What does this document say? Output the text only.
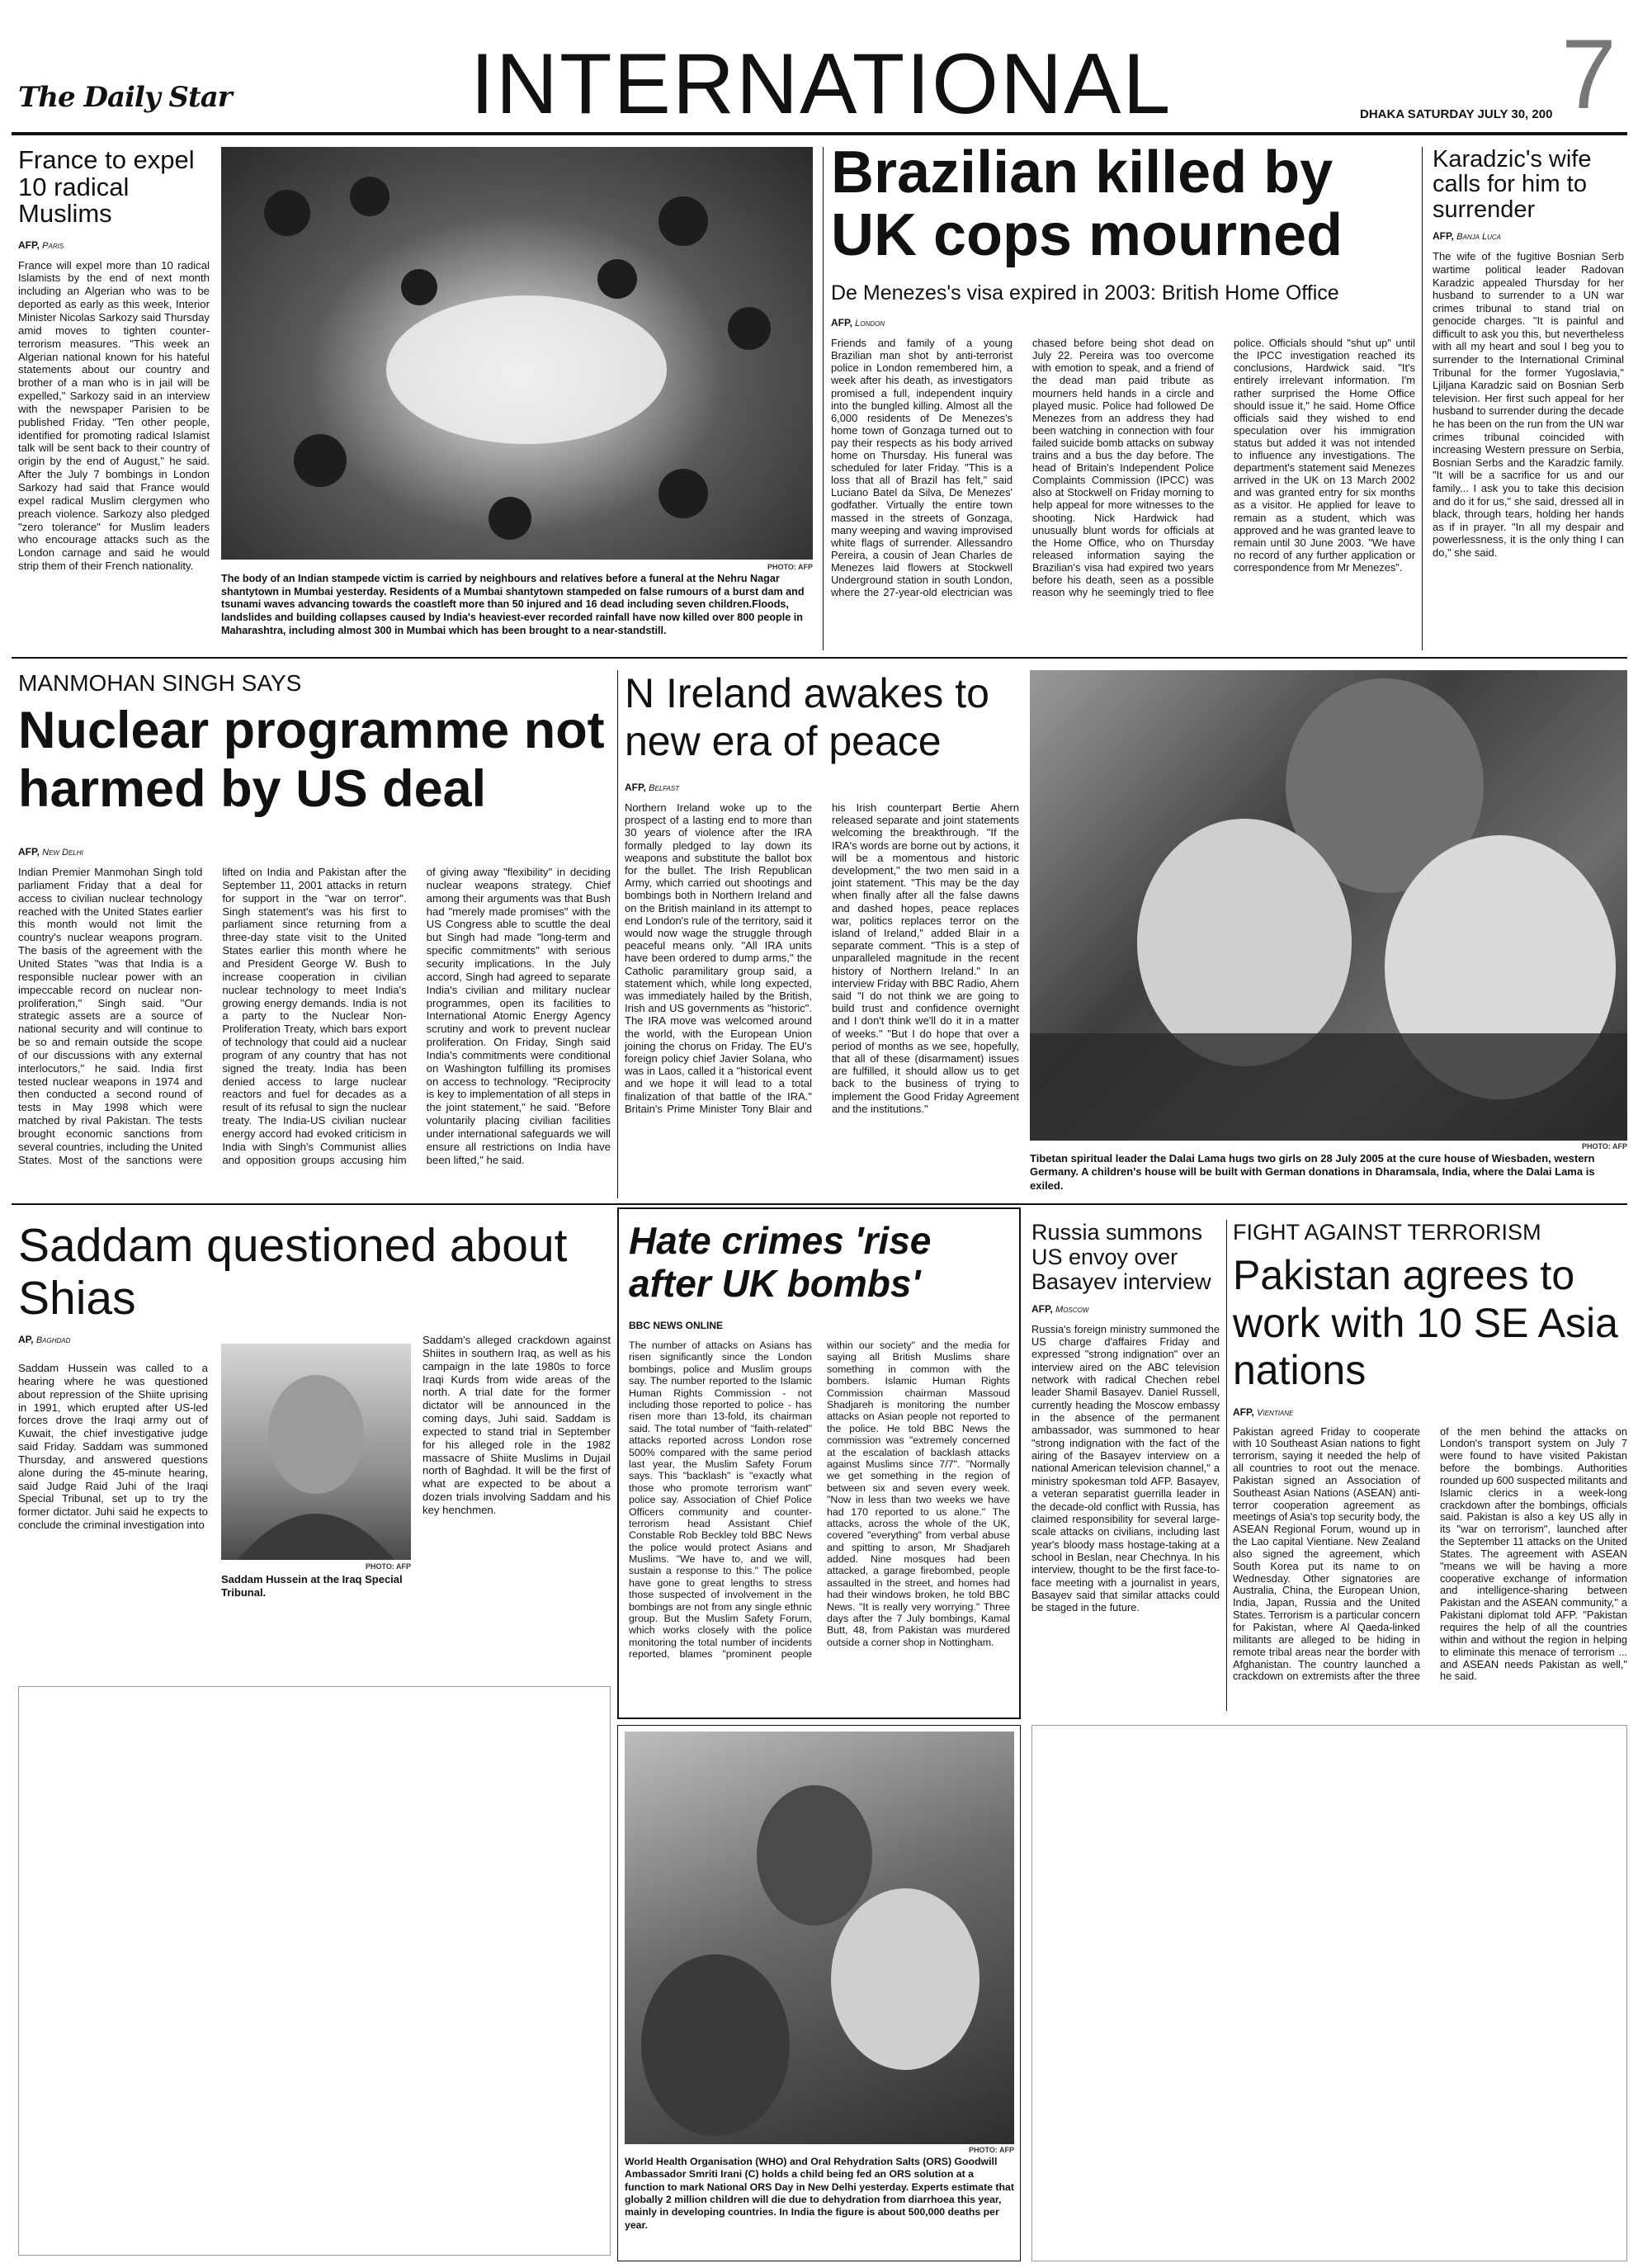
The Daily Star	INTERNATIONAL	DHAKA SATURDAY JULY 30, 200 7
France to expel 10 radical Muslims
AFP, Paris
France will expel more than 10 radical Islamists by the end of next month including an Algerian who was to be deported as early as this week, Interior Minister Nicolas Sarkozy said Thursday amid moves to tighten counter-terrorism measures. "This week an Algerian national known for his hateful statements about our country and brother of a man who is in jail will be expelled," Sarkozy said in an interview with the newspaper Parisien to be published Friday. "Ten other people, identified for promoting radical Islamist talk will be sent back to their country of origin by the end of August," he said. After the July 7 bombings in London Sarkozy had said that France would expel radical Muslim clergymen who preach violence. Sarkozy also pledged "zero tolerance" for Muslim leaders who encourage attacks such as the London carnage and said he would strip them of their French nationality.	PHOTO: AFP
The body of an Indian stampede victim is carried by neighbours and relatives before a funeral at the Nehru Nagar shantytown in Mumbai yesterday. Residents of a Mumbai shantytown stampeded on false rumours of a burst dam and tsunami waves advancing towards the coastleft more than 50 injured and 16 dead including seven children.Floods, landslides and building collapses caused by India's heaviest-ever recorded rainfall have now killed over 800 people in Maharashtra, including almost 300 in Mumbai which has been brought to a near-standstill.
Brazilian killed by UK cops mourned
De Menezes's visa expired in 2003: British Home Office
AFP, London
Friends and family of a young Brazilian man shot by anti-terrorist police in London remembered him, a week after his death, as investigators promised a full, independent inquiry into the bungled killing. Almost all the 6,000 residents of De Menezes's home town of Gonzaga turned out to pay their respects as his body arrived home on Thursday. His funeral was scheduled for later Friday. "This is a loss that all of Brazil has felt," said Luciano Batel da Silva, De Menezes' godfather. Virtually the entire town massed in the streets of Gonzaga, many weeping and waving improvised white flags of surrender. Allessandro Pereira, a cousin of Jean Charles de Menezes laid flowers at Stockwell Underground station in south London, where the 27-year-old electrician was chased before being shot dead on July 22. Pereira was too overcome with emotion to speak, and a friend of the dead man paid tribute as mourners held hands in a circle and played music. Police had followed De Menezes from an address they had been watching in connection with four failed suicide bomb attacks on subway trains and a bus the day before. The head of Britain's Independent Police Complaints Commission (IPCC) was also at Stockwell on Friday morning to help appeal for more witnesses to the shooting. Nick Hardwick had unusually blunt words for officials at the Home Office, who on Thursday released information saying the Brazilian's visa had expired two years before his death, seen as a possible reason why he seemingly tried to flee police. Officials should "shut up" until the IPCC investigation reached its conclusions, Hardwick said. "It's entirely irrelevant information. I'm rather surprised the Home Office should issue it," he said. Home Office officials said they wished to end speculation over his immigration status but added it was not intended to influence any investigations. The department's statement said Menezes arrived in the UK on 13 March 2002 and was granted entry for six months as a visitor. He applied for leave to remain as a student, which was approved and he was granted leave to remain until 30 June 2003. "We have no record of any further application or correspondence from Mr Menezes".
Karadzic's wife calls for him to surrender
AFP, Banja Luca
The wife of the fugitive Bosnian Serb wartime political leader Radovan Karadzic appealed Thursday for her husband to surrender to a UN war crimes tribunal to stand trial on genocide charges. "It is painful and difficult to ask you this, but nevertheless with all my heart and soul I beg you to surrender to the International Criminal Tribunal for the former Yugoslavia," Ljiljana Karadzic said on Bosnian Serb television. Her first such appeal for her husband to surrender during the decade he has been on the run from the UN war crimes tribunal coincided with increasing Western pressure on Serbia, Bosnian Serbs and the Karadzic family. "It will be a sacrifice for us and our family... I ask you to take this decision and do it for us," she said, dressed all in black, through tears, holding her hands as if in prayer. "In all my despair and powerlessness, it is the only thing I can do," she said.
MANMOHAN SINGH SAYS
Nuclear programme not harmed by US deal
AFP, New Delhi
Indian Premier Manmohan Singh told parliament Friday that a deal for access to civilian nuclear technology reached with the United States earlier this month would not limit the country's nuclear weapons program. The basis of the agreement with the United States "was that India is a responsible nuclear power with an impeccable record on nuclear non-proliferation," Singh said. "Our strategic assets are a source of national security and will continue to be so and remain outside the scope of our discussions with any external interlocutors," he said. India first tested nuclear weapons in 1974 and then conducted a second round of tests in May 1998 which were matched by rival Pakistan. The tests brought economic sanctions from several countries, including the United States. Most of the sanctions were lifted on India and Pakistan after the September 11, 2001 attacks in return for support in the "war on terror". Singh statement's was his first to parliament since returning from a three-day state visit to the United States earlier this month where he and President George W. Bush to increase cooperation in civilian nuclear technology to meet India's growing energy demands. India is not a party to the Nuclear Non-Proliferation Treaty, which bars export of technology that could aid a nuclear program of any country that has not signed the treaty. India has been denied access to large nuclear reactors and fuel for decades as a result of its refusal to sign the nuclear treaty. The India-US civilian nuclear energy accord had evoked criticism in India with Singh's Communist allies and opposition groups accusing him of giving away "flexibility" in deciding nuclear weapons strategy. Chief among their arguments was that Bush had "merely made promises" with the US Congress able to scuttle the deal but Singh had made "long-term and specific commitments" with serious security implications. In the July accord, Singh had agreed to separate India's civilian and military nuclear programmes, open its facilities to International Atomic Energy Agency scrutiny and work to prevent nuclear proliferation. On Friday, Singh said India's commitments were conditional on Washington fulfilling its promises on access to technology. "Reciprocity is key to implementation of all steps in the joint statement," he said. "Before voluntarily placing civilian facilities under international safeguards we will ensure all restrictions on India have been lifted," he said.
N Ireland awakes to new era of peace
AFP, Belfast
Northern Ireland woke up to the prospect of a lasting end to more than 30 years of violence after the IRA formally pledged to lay down its weapons and substitute the ballot box for the bullet. The Irish Republican Army, which carried out shootings and bombings both in Northern Ireland and on the British mainland in its attempt to end London's rule of the territory, said it would now wage the struggle through peaceful means only. "All IRA units have been ordered to dump arms," the Catholic paramilitary group said, a statement which, while long expected, was immediately hailed by the British, Irish and US governments as "historic". The IRA move was welcomed around the world, with the European Union joining the chorus on Friday. The EU's foreign policy chief Javier Solana, who was in Laos, called it a "historical event and we hope it will lead to a total finalization of that battle of the IRA." Britain's Prime Minister Tony Blair and his Irish counterpart Bertie Ahern released separate and joint statements welcoming the breakthrough. "If the IRA's words are borne out by actions, it will be a momentous and historic development," the two men said in a joint statement. "This may be the day when finally after all the false dawns and dashed hopes, peace replaces war, politics replaces terror on the island of Ireland," added Blair in a separate comment. "This is a step of unparalleled magnitude in the recent history of Northern Ireland." In an interview Friday with BBC Radio, Ahern said "I do not think we are going to build trust and confidence overnight and I don't think we'll do it in a matter of weeks." "But I do hope that over a period of months as we see, hopefully, that all of these (disarmament) issues are fulfilled, it should allow us to get back to the business of trying to implement the Good Friday Agreement and the institutions."
PHOTO: AFP
Tibetan spiritual leader the Dalai Lama hugs two girls on 28 July 2005 at the cure house of Wiesbaden, western Germany. A children's house will be built with German donations in Dharamsala, India, where the Dalai Lama is exiled.
Saddam questioned about Shias
AP, Baghdad
Saddam Hussein was called to a hearing where he was questioned about repression of the Shiite uprising in 1991, which erupted after US-led forces drove the Iraqi army out of Kuwait, the chief investigative judge said Friday. Saddam was summoned Thursday, and answered questions alone during the 45-minute hearing, said Judge Raid Juhi of the Iraqi Special Tribunal, set up to try the former dictator. Juhi said he expects to conclude the criminal investigation into
PHOTO: AFP
Saddam Hussein at the Iraq Special Tribunal.
Saddam's alleged crackdown against Shiites in southern Iraq, as well as his campaign in the late 1980s to force Iraqi Kurds from wide areas of the north. A trial date for the former dictator will be announced in the coming days, Juhi said. Saddam is expected to stand trial in September for his alleged role in the 1982 massacre of Shiite Muslims in Dujail north of Baghdad. It will be the first of what are expected to be about a dozen trials involving Saddam and his key henchmen.
Hate crimes 'rise after UK bombs'
BBC NEWS ONLINE
The number of attacks on Asians has risen significantly since the London bombings, police and Muslim groups say. The number reported to the Islamic Human Rights Commission - not including those reported to police - has risen more than 13-fold, its chairman said. The total number of "faith-related" attacks reported across London rose 500% compared with the same period last year, the Muslim Safety Forum says. This "backlash" is "exactly what those who promote terrorism want" police say. Association of Chief Police Officers community and counter-terrorism head Assistant Chief Constable Rob Beckley told BBC News the police would protect Asians and Muslims. "We have to, and we will, sustain a response to this." The police have gone to great lengths to stress those suspected of involvement in the bombings are not from any single ethnic group. But the Muslim Safety Forum, which works closely with the police monitoring the total number of incidents reported, blames "prominent people within our society" and the media for saying all British Muslims share something in common with the bombers. Islamic Human Rights Commission chairman Massoud Shadjareh is monitoring the number attacks on Asian people not reported to the police. He told BBC News the commission was "extremely concerned at the escalation of backlash attacks against Muslims since 7/7". "Normally we get something in the region of between six and seven every week. "Now in less than two weeks we have had 170 reported to us alone." The attacks, across the whole of the UK, covered "everything" from verbal abuse and spitting to arson, Mr Shadjareh added. Nine mosques had been attacked, a garage firebombed, people assaulted in the street, and homes had had their windows broken, he told BBC News. "It is really very worrying." Three days after the 7 July bombings, Kamal Butt, 48, from Pakistan was murdered outside a corner shop in Nottingham.
Russia summons US envoy over Basayev interview
AFP, Moscow
Russia's foreign ministry summoned the US charge d'affaires Friday and expressed "strong indignation" over an interview aired on the ABC television network with radical Chechen rebel leader Shamil Basayev. Daniel Russell, currently heading the Moscow embassy in the absence of the permanent ambassador, was summoned to hear "strong indignation with the fact of the airing of the Basayev interview on a national American television channel," a ministry spokesman told AFP. Basayev, a veteran separatist guerrilla leader in the decade-old conflict with Russia, has claimed responsibility for several large-scale attacks on civilians, including last year's bloody mass hostage-taking at a school in Beslan, near Chechnya. In his interview, thought to be the first face-to-face meeting with a journalist in years, Basayev said that similar attacks could be staged in the future.
FIGHT AGAINST TERRORISM
Pakistan agrees to work with 10 SE Asia nations
AFP, Vientiane
Pakistan agreed Friday to cooperate with 10 Southeast Asian nations to fight terrorism, saying it needed the help of all countries to root out the menace. Pakistan signed an Association of Southeast Asian Nations (ASEAN) anti-terror cooperation agreement as meetings of Asia's top security body, the ASEAN Regional Forum, wound up in the Lao capital Vientiane. New Zealand also signed the agreement, which South Korea put its name to on Wednesday. Other signatories are Australia, China, the European Union, India, Japan, Russia and the United States. Terrorism is a particular concern for Pakistan, where Al Qaeda-linked militants are alleged to be hiding in remote tribal areas near the border with Afghanistan. The country launched a crackdown on extremists after the three of the men behind the attacks on London's transport system on July 7 were found to have visited Pakistan before the bombings. Authorities rounded up 600 suspected militants and Islamic clerics in a week-long crackdown after the bombings, officials said. Pakistan is also a key US ally in its "war on terrorism", launched after the September 11 attacks on the United States. The agreement with ASEAN "means we will be having a more cooperative exchange of information and intelligence-sharing between Pakistan and the ASEAN community," a Pakistani diplomat told AFP. "Pakistan requires the help of all the countries within and without the region in helping to eliminate this menace of terrorism ... and ASEAN needs Pakistan as well," he said.
PHOTO: AFP
World Health Organisation (WHO) and Oral Rehydration Salts (ORS) Goodwill Ambassador Smriti Irani (C) holds a child being fed an ORS solution at a function to mark National ORS Day in New Delhi yesterday. Experts estimate that globally 2 million children will die due to dehydration from diarrhoea this year, mainly in developing countries. In India the figure is about 500,000 deaths per year.
